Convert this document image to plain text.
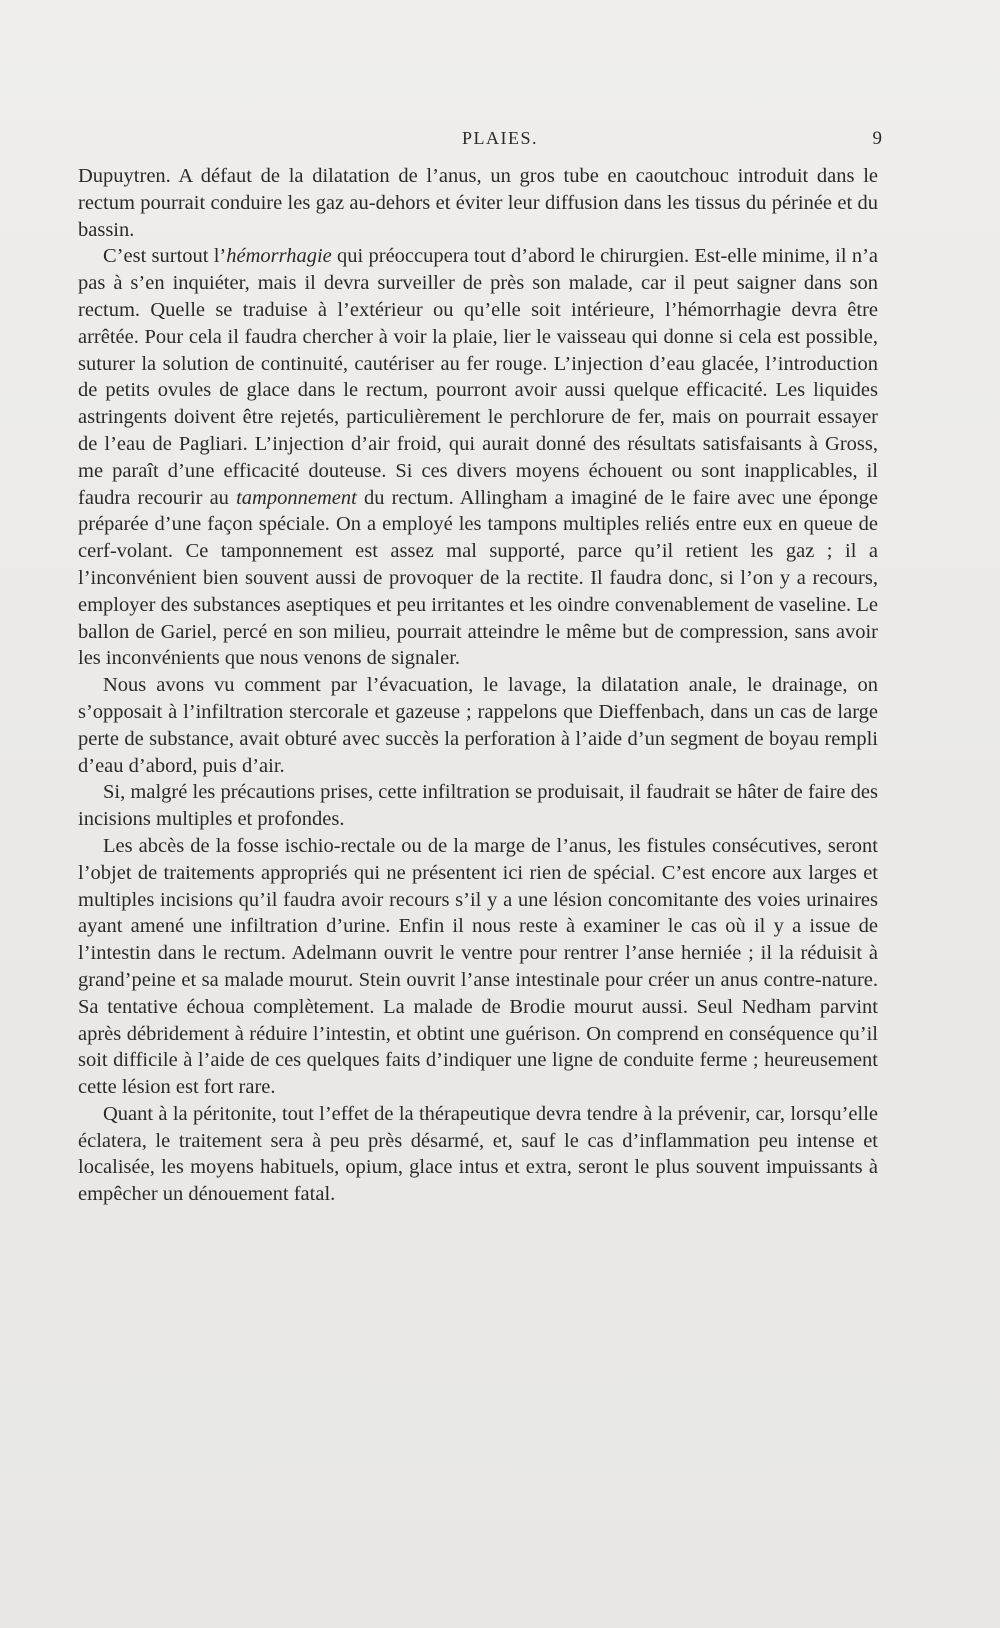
PLAIES.	9

Dupuytren. A défaut de la dilatation de l’anus, un gros tube en caoutchouc introduit dans le rectum pourrait conduire les gaz au-dehors et éviter leur diffusion dans les tissus du périnée et du bassin.

C’est surtout l’hémorrhagie qui préoccupera tout d’abord le chirurgien. Est-elle minime, il n’a pas à s’en inquiéter, mais il devra surveiller de près son malade, car il peut saigner dans son rectum. Quelle se traduise à l’extérieur ou qu’elle soit intérieure, l’hémorrhagie devra être arrêtée. Pour cela il faudra chercher à voir la plaie, lier le vaisseau qui donne si cela est possible, suturer la solution de continuité, cautériser au fer rouge. L’injection d’eau glacée, l’introduction de petits ovules de glace dans le rectum, pourront avoir aussi quelque efficacité. Les liquides astringents doivent être rejetés, particulièrement le perchlorure de fer, mais on pourrait essayer de l’eau de Pagliari. L’injection d’air froid, qui aurait donné des résultats satisfaisants à Gross, me paraît d’une efficacité douteuse. Si ces divers moyens échouent ou sont inapplicables, il faudra recourir au tamponnement du rectum. Allingham a imaginé de le faire avec une éponge préparée d’une façon spéciale. On a employé les tampons multiples reliés entre eux en queue de cerf-volant. Ce tamponnement est assez mal supporté, parce qu’il retient les gaz ; il a l’inconvénient bien souvent aussi de provoquer de la rectite. Il faudra donc, si l’on y a recours, employer des substances aseptiques et peu irritantes et les oindre convenablement de vaseline. Le ballon de Gariel, percé en son milieu, pourrait atteindre le même but de compression, sans avoir les inconvénients que nous venons de signaler.

Nous avons vu comment par l’évacuation, le lavage, la dilatation anale, le drainage, on s’opposait à l’infiltration stercorale et gazeuse ; rappelons que Dieffenbach, dans un cas de large perte de substance, avait obturé avec succès la perforation à l’aide d’un segment de boyau rempli d’eau d’abord, puis d’air.

Si, malgré les précautions prises, cette infiltration se produisait, il faudrait se hâter de faire des incisions multiples et profondes.

Les abcès de la fosse ischio-rectale ou de la marge de l’anus, les fistules consécutives, seront l’objet de traitements appropriés qui ne présentent ici rien de spécial. C’est encore aux larges et multiples incisions qu’il faudra avoir recours s’il y a une lésion concomitante des voies urinaires ayant amené une infiltration d’urine. Enfin il nous reste à examiner le cas où il y a issue de l’intestin dans le rectum. Adelmann ouvrit le ventre pour rentrer l’anse herniée ; il la réduisit à grand’peine et sa malade mourut. Stein ouvrit l’anse intestinale pour créer un anus contre-nature. Sa tentative échoua complètement. La malade de Brodie mourut aussi. Seul Nedham parvint après débridement à réduire l’intestin, et obtint une guérison. On comprend en conséquence qu’il soit difficile à l’aide de ces quelques faits d’indiquer une ligne de conduite ferme ; heureusement cette lésion est fort rare.

Quant à la péritonite, tout l’effet de la thérapeutique devra tendre à la prévenir, car, lorsqu’elle éclatera, le traitement sera à peu près désarmé, et, sauf le cas d’inflammation peu intense et localisée, les moyens habituels, opium, glace intus et extra, seront le plus souvent impuissants à empêcher un dénouement fatal.
